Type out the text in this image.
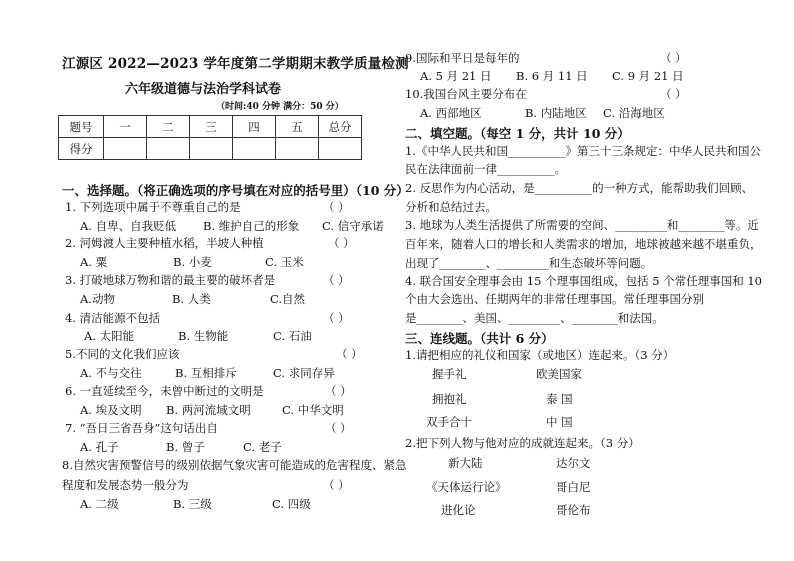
江源区 2022—2023 学年度第二学期期末教学质量检测
六年级道德与法治学科试卷
（时间:40 分钟 满分：50 分）
题号	一	二	三	四	五	总分
得分						
一、选择题。（将正确选项的序号填在对应的括号里）（10 分）
1. 下列选项中属于不尊重自己的是	（ ）
A. 自卑、自我贬低 B. 维护自己的形象 C. 信守承诺
2. 河姆渡人主要种植水稻，半坡人种植	（ ）
A. 粟	B. 小麦	C. 玉米
3. 打破地球万物和谐的最主要的破坏者是	（ ）
A.动物	B. 人类	C.自然
4. 清洁能源不包括	（ ）
A. 太阳能	B. 生物能	C. 石油
5.不同的文化我们应该	（ ）
A. 不与交往	B. 互相排斥	C. 求同存异
6. 一直延续至今，未曾中断过的文明是	（ ）
A. 埃及文明 B. 两河流域文明	C. 中华文明
7. “吾日三省吾身”这句话出自	（ ）
A. 孔子	B. 曾子	C. 老子
8.自然灾害预警信号的级别依据气象灾害可能造成的危害程度、紧急
程度和发展态势一般分为	（ ）
A. 二级	B. 三级	C. 四级
9.国际和平日是每年的	（ ）
A. 5 月 21 日 B. 6 月 11 日 C. 9 月 21 日
10.我国台风主要分布在	（ ）
A. 西部地区	B. 内陆地区 C. 沿海地区
二、填空题。（每空 1 分，共计 10 分）
1.《中华人民共和国__________》第三十三条规定：中华人民共和国公
民在法律面前一律__________。
2. 反思作为内心活动，是__________的一种方式，能帮助我们回顾、
分析和总结过去。
3. 地球为人类生活提供了所需要的空间、_________和________等。近
百年来，随着人口的增长和人类需求的增加，地球被越来越不堪重负，
出现了________、_________和生态破坏等问题。
4. 联合国安全理事会由 15 个理事国组成，包括 5 个常任理事国和 10
个由大会选出、任期两年的非常任理事国。常任理事国分别
是________、美国、_________、________和法国。
三、连线题。（共计 6 分）
1.请把相应的礼仪和国家（或地区）连起来。（3 分）
握手礼	欧美国家
拥抱礼	泰 国
双手合十	中 国
2.把下列人物与他对应的成就连起来。（3 分）
新大陆	达尔文
《天体运行论》	哥白尼
进化论	哥伦布
